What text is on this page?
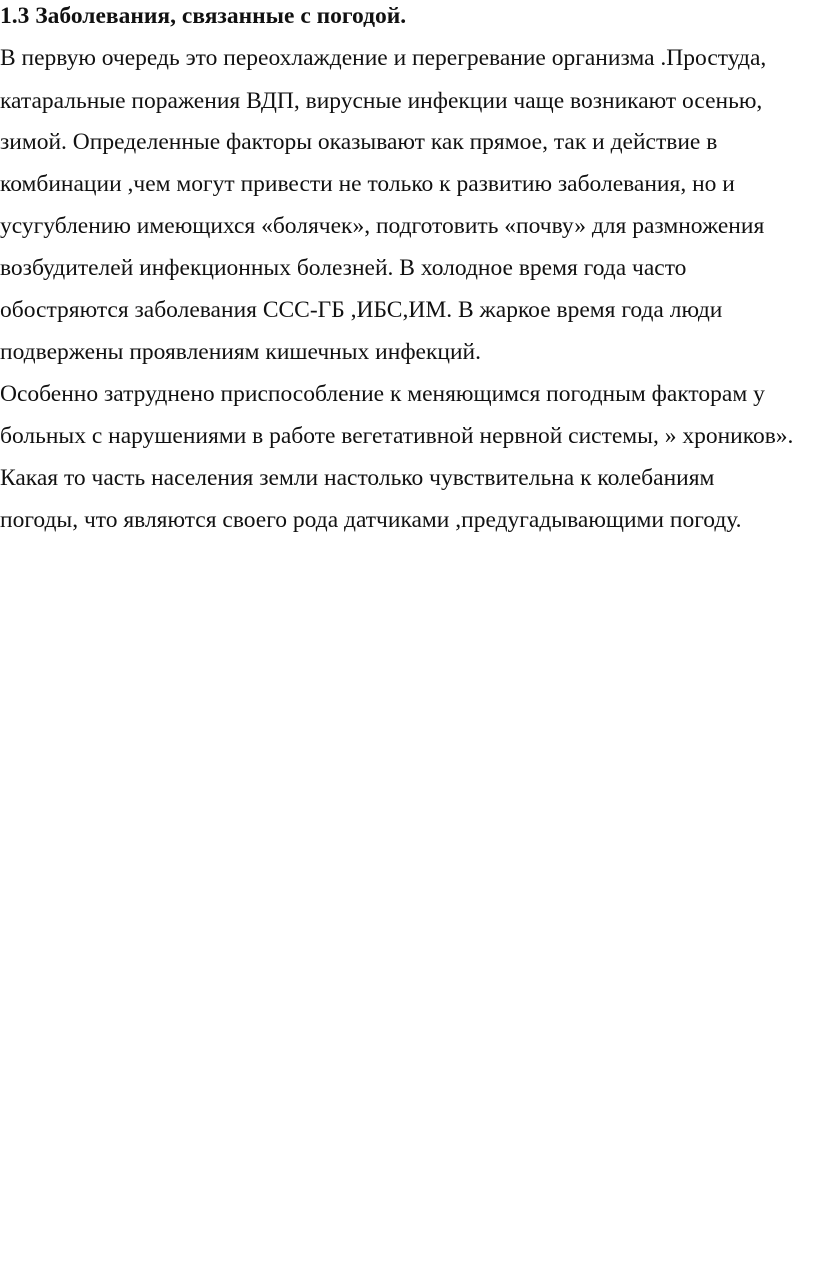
1.3 Заболевания, связанные с погодой.
В первую очередь это переохлаждение и перегревание организма .Простуда,
катаральные поражения ВДП, вирусные инфекции чаще возникают осенью,
зимой. Определенные факторы оказывают как прямое, так и действие в
комбинации ,чем могут привести не только к развитию заболевания, но и
усугублению имеющихся «болячек», подготовить «почву» для размножения
возбудителей инфекционных болезней. В холодное время года часто
обостряются заболевания ССС-ГБ ,ИБС,ИМ. В жаркое время года люди
подвержены проявлениям кишечных инфекций.
Особенно затруднено приспособление к меняющимся погодным факторам у
больных с нарушениями в работе вегетативной нервной системы, » хроников».
Какая то часть населения земли настолько чувствительна к колебаниям
погоды, что являются своего рода датчиками ,предугадывающими погоду.
